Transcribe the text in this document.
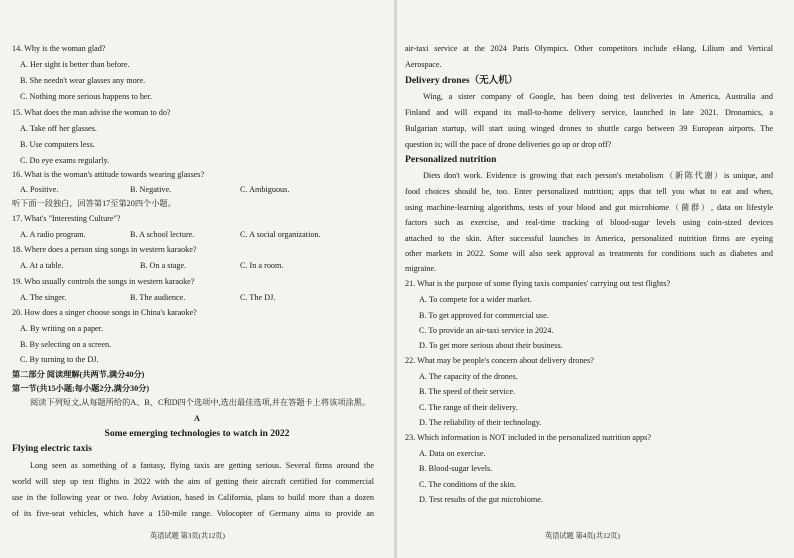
14. Why is the woman glad?
A. Her sight is better than before.
B. She needn't wear glasses any more.
C. Nothing more serious happens to her.
15. What does the man advise the woman to do?
A. Take off her glasses.
B. Use computers less.
C. Do eye exams regularly.
16. What is the woman's attitude towards wearing glasses?
A. Positive.	B. Negative.	C. Ambiguous.
听下面一段独白，回答第17至第20四个小题。
17. What's "Interesting Culture"?
A. A radio program.	B. A school lecture.	C. A social organization.
18. Where does a person sing songs in western karaoke?
A. At a table.	B. On a stage.	C. In a room.
19. Who usually controls the songs in western karaoke?
A. The singer.	B. The audience.	C. The DJ.
20. How does a singer choose songs in China's karaoke?
A. By writing on a paper.
B. By selecting on a screen.
C. By turning to the DJ.
第二部分 阅读理解(共两节,满分40分)
第一节(共15小题;每小题2分,满分30分)
阅读下列短文,从每题所给的A、B、C和D四个选项中,选出最佳选项,并在答题卡上将该项涂黑。
A
Some emerging technologies to watch in 2022
Flying electric taxis
Long seen as something of a fantasy, flying taxis are getting serious. Several firms around the
world will step up test flights in 2022 with the aim of getting their aircraft certified for commercial
use in the following year or two. Joby Aviation, based in California, plans to build more than a dozen
of its five-seat vehicles, which have a 150-mile range. Volocopter of Germany aims to provide an
英语试题 第3页(共12页)
air-taxi service at the 2024 Paris Olympics. Other competitors include eHang, Lilium and Vertical
Aerospace.
Delivery drones（无人机）
Wing, a sister company of Google, has been doing test deliveries in America, Australia and
Finland and will expand its mall-to-home delivery service, launched in late 2021. Dronamics, a
Bulgarian startup, will start using winged drones to shuttle cargo between 39 European airports. The
question is; will the pace of drone deliveries go up or drop off?
Personalized nutrition
Diets don't work. Evidence is growing that each person's metabolism（新陈代谢）is unique, and
food choices should be, too. Enter personalized nutrition; apps that tell you what to eat and when,
using machine-learning algorithms, tests of your blood and gut microbiome（菌群）, data on lifestyle
factors such as exercise, and real-time tracking of blood-sugar levels using coin-sized devices
attached to the skin. After successful launches in America, personalized nutrition firms are eyeing
other markets in 2022. Some will also seek approval as treatments for conditions such as diabetes and
migraine.
21. What is the purpose of some flying taxis companies' carrying out test flights?
A. To compete for a wider market.
B. To get approved for commercial use.
C. To provide an air-taxi service in 2024.
D. To get more serious about their business.
22. What may be people's concern about delivery drones?
A. The capacity of the drones.
B. The speed of their service.
C. The range of their delivery.
D. The reliability of their technology.
23. Which information is NOT included in the personalized nutrition apps?
A. Data on exercise.
B. Blood-sugar levels.
C. The conditions of the skin.
D. Test results of the gut microbiome.
英语试题 第4页(共12页)
